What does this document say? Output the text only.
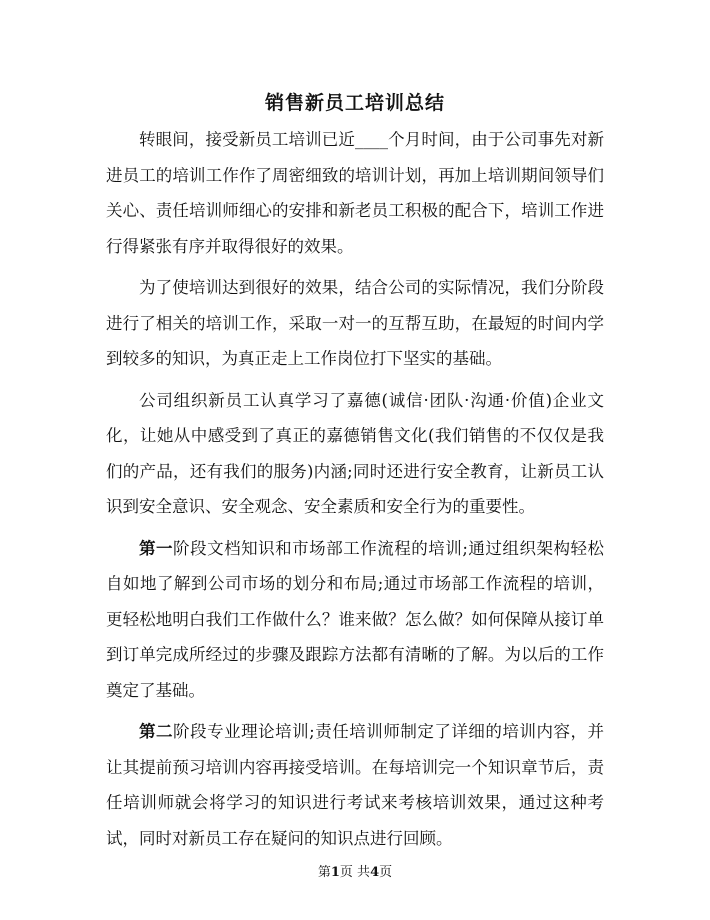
销售新员工培训总结

转眼间，接受新员工培训已近____个月时间，由于公司事先对新进员工的培训工作作了周密细致的培训计划，再加上培训期间领导们关心、责任培训师细心的安排和新老员工积极的配合下，培训工作进行得紧张有序并取得很好的效果。

为了使培训达到很好的效果，结合公司的实际情况，我们分阶段进行了相关的培训工作，采取一对一的互帮互助，在最短的时间内学到较多的知识，为真正走上工作岗位打下坚实的基础。

公司组织新员工认真学习了嘉德(诚信·团队·沟通·价值)企业文化，让她从中感受到了真正的嘉德销售文化(我们销售的不仅仅是我们的产品，还有我们的服务)内涵;同时还进行安全教育，让新员工认识到安全意识、安全观念、安全素质和安全行为的重要性。

第一阶段文档知识和市场部工作流程的培训;通过组织架构轻松自如地了解到公司市场的划分和布局;通过市场部工作流程的培训，更轻松地明白我们工作做什么？谁来做？怎么做？如何保障从接订单到订单完成所经过的步骤及跟踪方法都有清晰的了解。为以后的工作奠定了基础。

第二阶段专业理论培训;责任培训师制定了详细的培训内容，并让其提前预习培训内容再接受培训。在每培训完一个知识章节后，责任培训师就会将学习的知识进行考试来考核培训效果，通过这种考试，同时对新员工存在疑问的知识点进行回顾。

第1页 共4页
